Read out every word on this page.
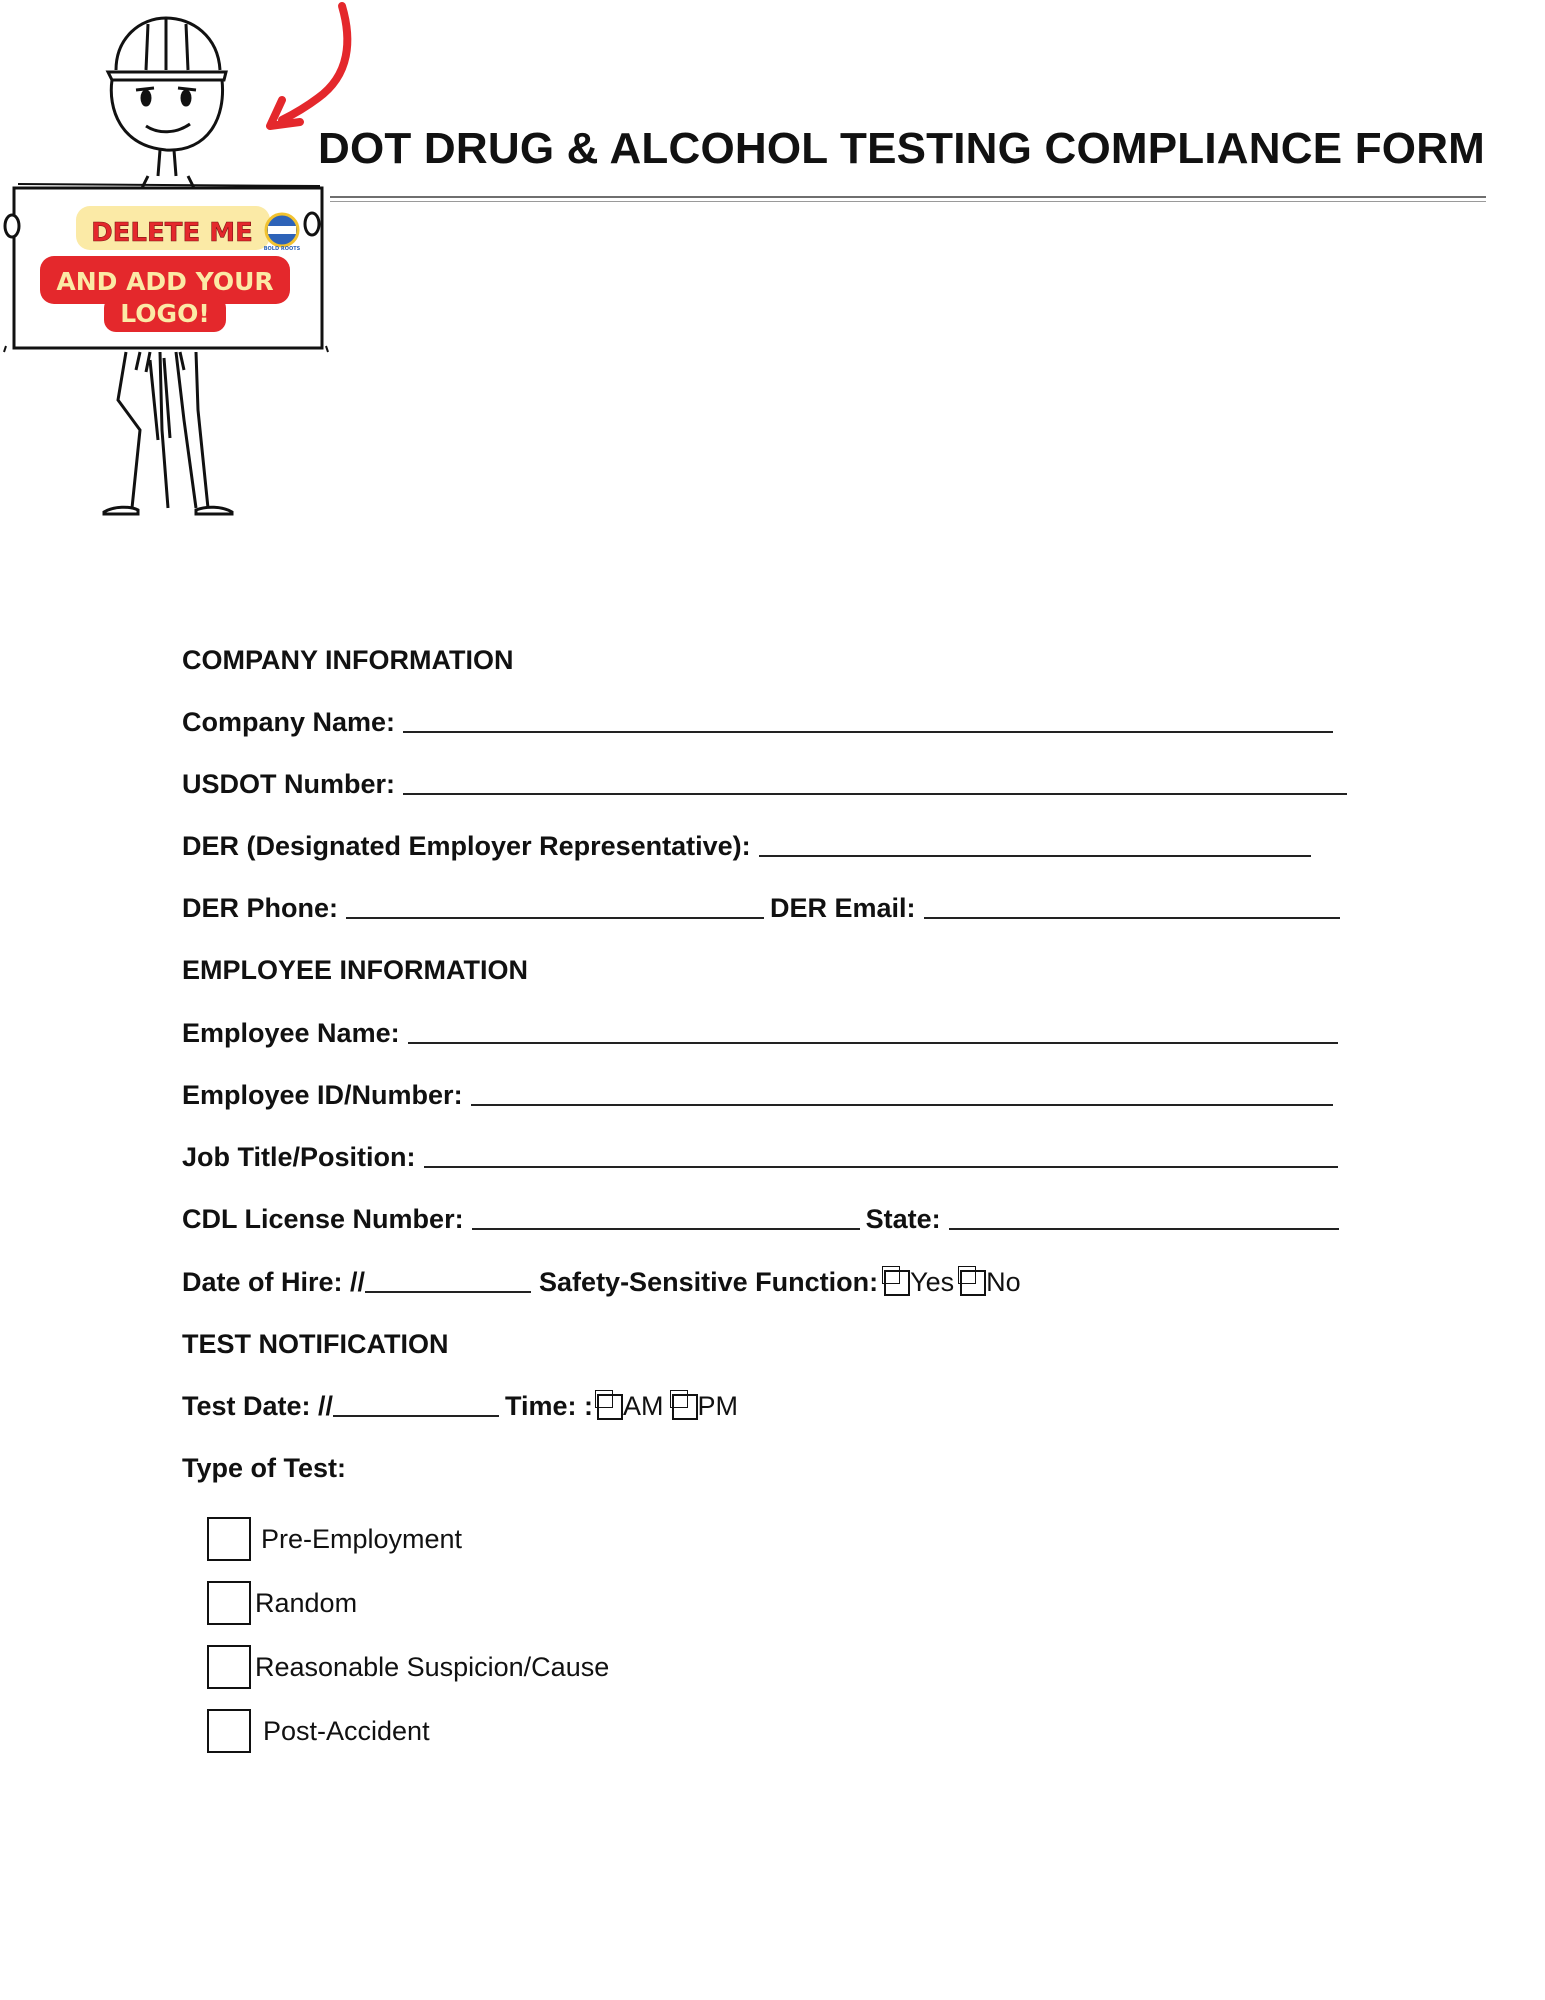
DELETE ME
AND ADD YOUR
LOGO!
BOLD ROOTS
DOT DRUG & ALCOHOL TESTING COMPLIANCE FORM
COMPANY INFORMATION
Company Name:
USDOT Number:
DER (Designated Employer Representative):
DER Phone:	DER Email:
EMPLOYEE INFORMATION
Employee Name:
Employee ID/Number:
Job Title/Position:
CDL License Number:	State:
Date of Hire: //	Safety-Sensitive Function: Yes No
TEST NOTIFICATION
Test Date: //	Time: : AM PM
Type of Test:
Pre-Employment
Random
Reasonable Suspicion/Cause
Post-Accident
